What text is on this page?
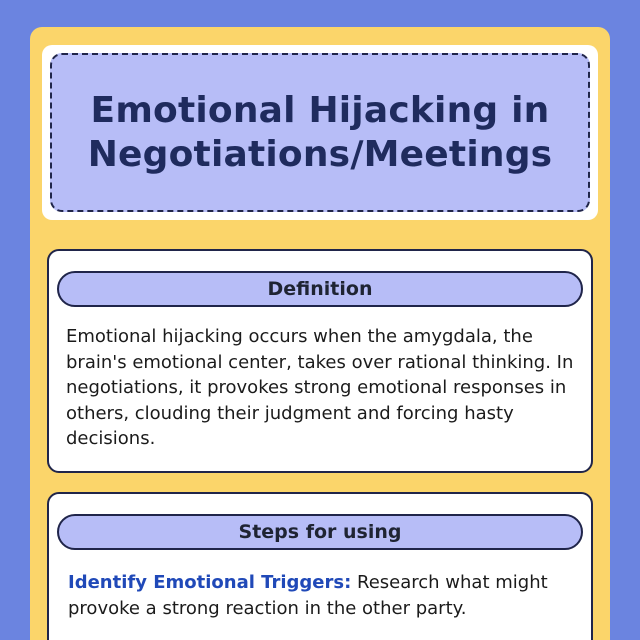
Emotional Hijacking in Negotiations/Meetings
Definition
Emotional hijacking occurs when the amygdala, the brain's emotional center, takes over rational thinking. In negotiations, it provokes strong emotional responses in others, clouding their judgment and forcing hasty decisions.
Steps for using
Identify Emotional Triggers: Research what might provoke a strong reaction in the other party.
